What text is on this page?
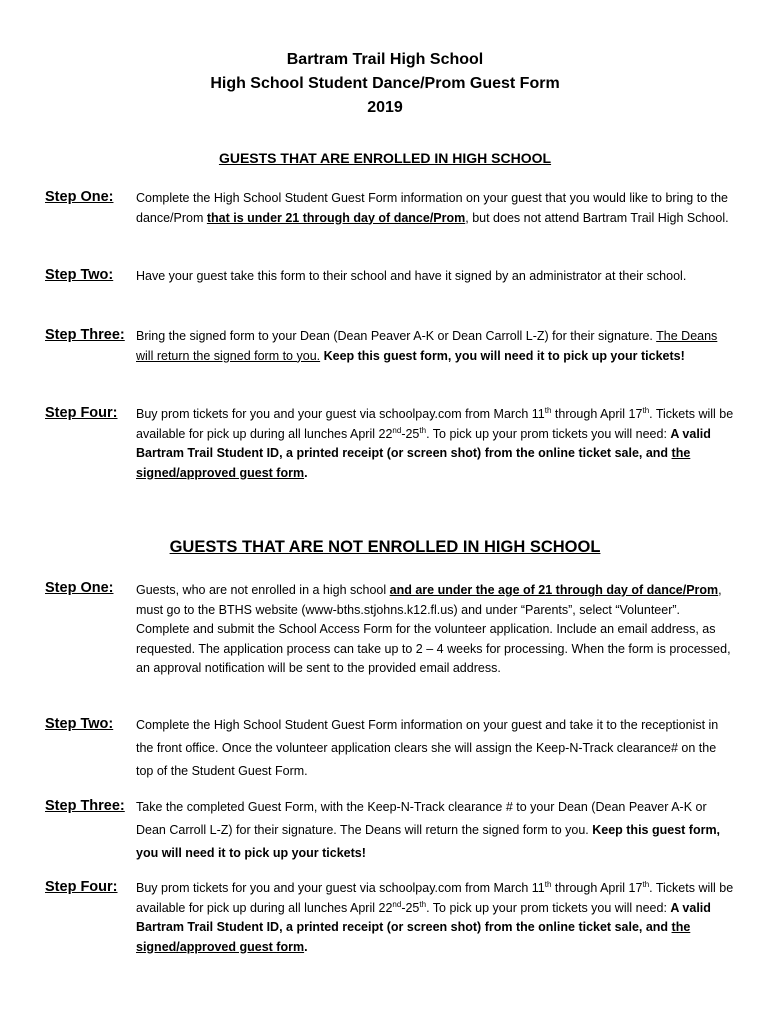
Bartram Trail High School
High School Student Dance/Prom Guest Form
2019
GUESTS THAT ARE ENROLLED IN HIGH SCHOOL
Step One: Complete the High School Student Guest Form information on your guest that you would like to bring to the dance/Prom that is under 21 through day of dance/Prom, but does not attend Bartram Trail High School.

Step Two: Have your guest take this form to their school and have it signed by an administrator at their school.

Step Three: Bring the signed form to your Dean (Dean Peaver A-K or Dean Carroll L-Z) for their signature. The Deans will return the signed form to you. Keep this guest form, you will need it to pick up your tickets!

Step Four: Buy prom tickets for you and your guest via schoolpay.com from March 11th through April 17th. Tickets will be available for pick up during all lunches April 22nd-25th. To pick up your prom tickets you will need: A valid Bartram Trail Student ID, a printed receipt (or screen shot) from the online ticket sale, and the signed/approved guest form.

GUESTS THAT ARE NOT ENROLLED IN HIGH SCHOOL
Step One: Guests, who are not enrolled in a high school and are under the age of 21 through day of dance/Prom, must go to the BTHS website (www-bths.stjohns.k12.fl.us) and under “Parents”, select “Volunteer”. Complete and submit the School Access Form for the volunteer application. Include an email address, as requested. The application process can take up to 2 – 4 weeks for processing. When the form is processed, an approval notification will be sent to the provided email address.

Step Two: Complete the High School Student Guest Form information on your guest and take it to the receptionist in the front office. Once the volunteer application clears she will assign the Keep-N-Track clearance# on the top of the Student Guest Form.

Step Three: Take the completed Guest Form, with the Keep-N-Track clearance # to your Dean (Dean Peaver A-K or Dean Carroll L-Z) for their signature. The Deans will return the signed form to you. Keep this guest form, you will need it to pick up your tickets!

Step Four: Buy prom tickets for you and your guest via schoolpay.com from March 11th through April 17th. Tickets will be available for pick up during all lunches April 22nd-25th. To pick up your prom tickets you will need: A valid Bartram Trail Student ID, a printed receipt (or screen shot) from the online ticket sale, and the signed/approved guest form.
